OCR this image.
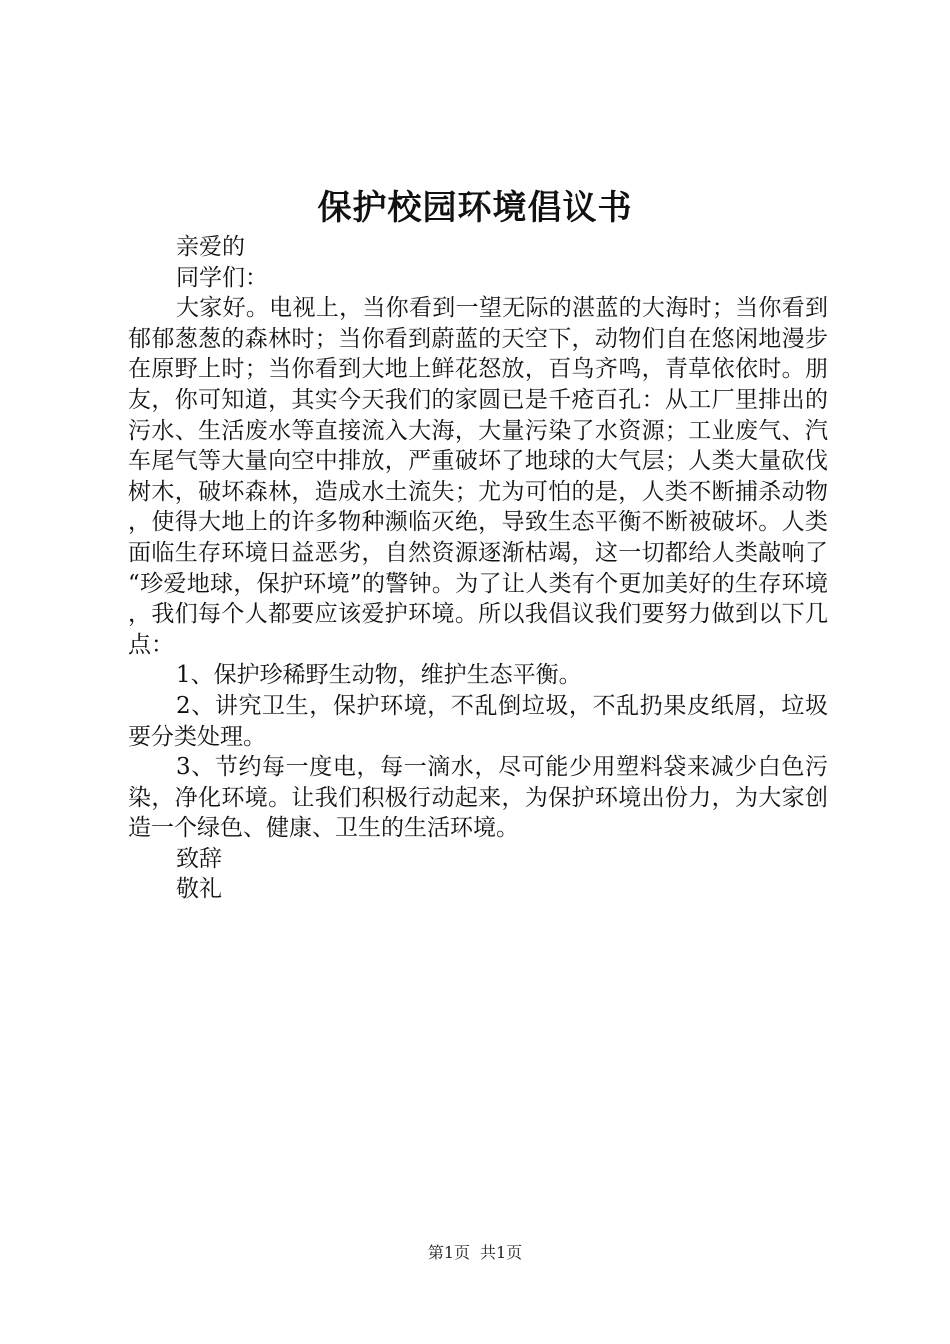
保护校园环境倡议书

亲爱的

同学们：

大家好。电视上，当你看到一望无际的湛蓝的大海时；当你看到郁郁葱葱的森林时；当你看到蔚蓝的天空下，动物们自在悠闲地漫步在原野上时；当你看到大地上鲜花怒放，百鸟齐鸣，青草依依时。朋友，你可知道，其实今天我们的家圆已是千疮百孔：从工厂里排出的污水、生活废水等直接流入大海，大量污染了水资源；工业废气、汽车尾气等大量向空中排放，严重破坏了地球的大气层；人类大量砍伐树木，破坏森林，造成水土流失；尤为可怕的是，人类不断捕杀动物，使得大地上的许多物种濒临灭绝，导致生态平衡不断被破坏。人类面临生存环境日益恶劣，自然资源逐渐枯竭，这一切都给人类敲响了“珍爱地球，保护环境”的警钟。为了让人类有个更加美好的生存环境，我们每个人都要应该爱护环境。所以我倡议我们要努力做到以下几点：

1、保护珍稀野生动物，维护生态平衡。

2、讲究卫生，保护环境，不乱倒垃圾，不乱扔果皮纸屑，垃圾要分类处理。

3、节约每一度电，每一滴水，尽可能少用塑料袋来减少白色污染，净化环境。让我们积极行动起来，为保护环境出份力，为大家创造一个绿色、健康、卫生的生活环境。

致辞

敬礼

第1页 共1页
